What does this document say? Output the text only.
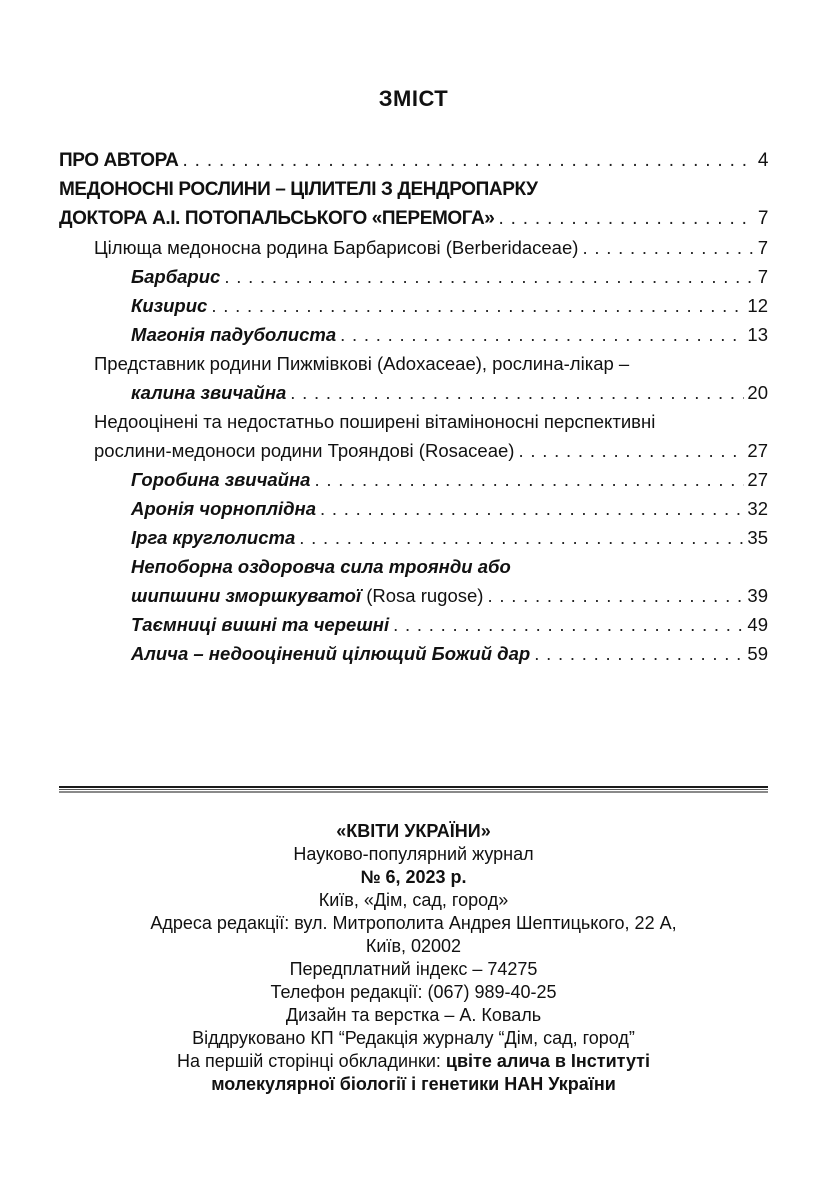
ЗМІСТ
ПРО АВТОРА . . .	4
МЕДОНОСНІ РОСЛИНИ – ЦІЛИТЕЛІ З ДЕНДРОПАРКУ
ДОКТОРА А.І. ПОТОПАЛЬСЬКОГО «ПЕРЕМОГА» . . .	7
Цілюща медоносна родина Барбарисові (Berberidaceae) . . .	7
Барбарис . . .	7
Кизирис . . .	12
Магонія падуболиста . . .	13
Представник родини Пижмівкові (Adoxaceae), рослина-лікар –
калина звичайна . . .	20
Недооцінені та недостатньо поширені вітаміноносні перспективні
рослини-медоноси родини Трояндові (Rosaceae) . . .	27
Горобина звичайна . . .	27
Аронія чорноплідна . . .	32
Ірга круглолиста . . .	35
Непоборна оздоровча сила троянди або
шипшини зморшкуватої (Rosa rugose) . . .	39
Таємниці вишні та черешні . . .	49
Алича – недооцінений цілющий Божий дар . . .	59
«КВІТИ УКРАЇНИ»
Науково-популярний журнал
№ 6, 2023 р.
Київ, «Дім, сад, город»
Адреса редакції: вул. Митрополита Андрея Шептицького, 22 А,
Київ, 02002
Передплатний індекс – 74275
Телефон редакції: (067) 989-40-25
Дизайн та верстка – А. Коваль
Віддруковано КП “Редакція журналу “Дім, сад, город”
На першій сторінці обкладинки: цвіте алича в Інституті
молекулярної біології і генетики НАН України
